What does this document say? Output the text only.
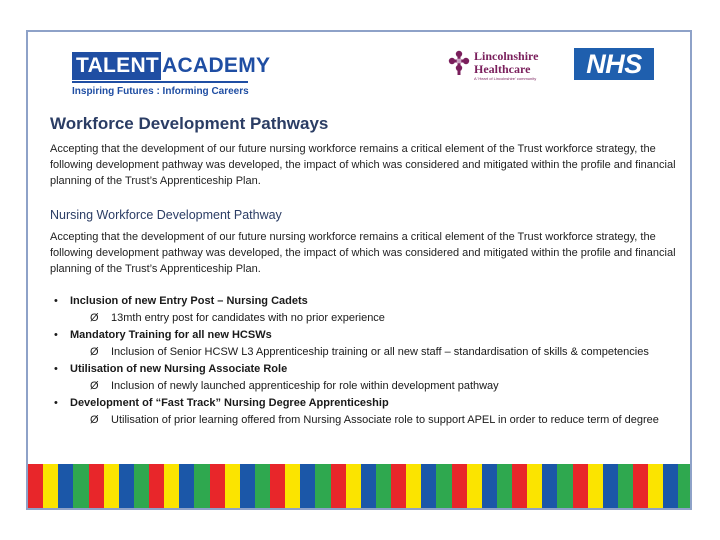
TALENT ACADEMY
Inspiring Futures : Informing Careers
Lincolnshire
Healthcare
A 'Heart of Lincolnshire' community	NHS
Workforce Development Pathways

Accepting that the development of our future nursing workforce remains a critical element of the Trust workforce strategy, the following development pathway was developed, the impact of which was considered and mitigated within the profile and financial planning of the Trust’s Apprenticeship Plan.

Nursing Workforce Development Pathway

Accepting that the development of our future nursing workforce remains a critical element of the Trust workforce strategy, the following development pathway was developed, the impact of which was considered and mitigated within the profile and financial planning of the Trust’s Apprenticeship Plan.

•	Inclusion of new Entry Post – Nursing Cadets
Ø	13mth entry post for candidates with no prior experience
•	Mandatory Training for all new HCSWs
Ø	Inclusion of Senior HCSW L3 Apprenticeship training or all new staff – standardisation of skills & competencies
•	Utilisation of new Nursing Associate Role
Ø	Inclusion of newly launched apprenticeship for role within development pathway
•	Development of “Fast Track” Nursing Degree Apprenticeship
Ø	Utilisation of prior learning offered from Nursing Associate role to support APEL in order to reduce term of degree
